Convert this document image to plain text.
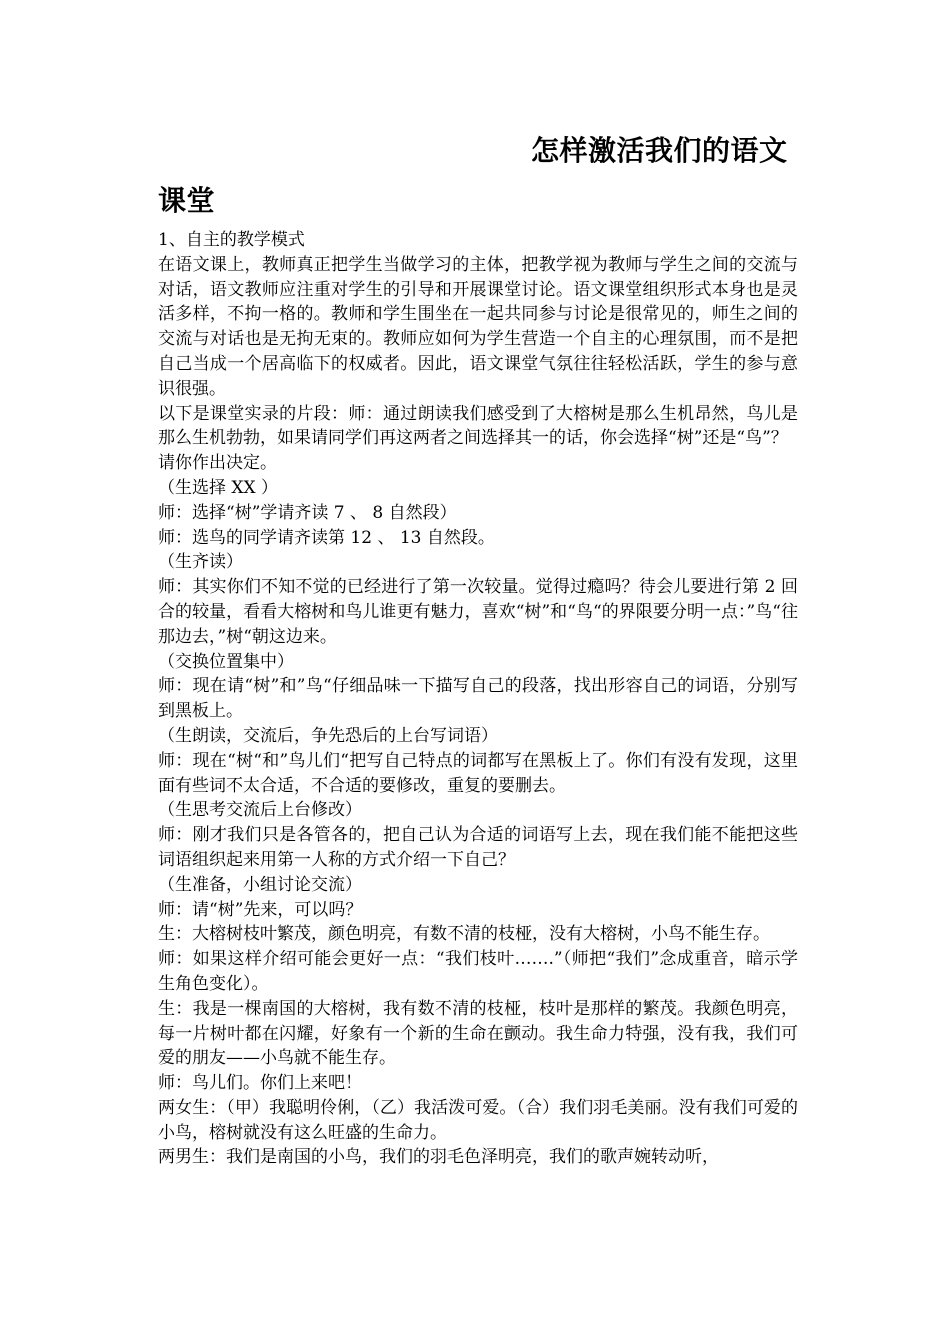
怎样激活我们的语文
课堂

1、自主的教学模式

在语文课上，教师真正把学生当做学习的主体，把教学视为教师与学生之间的交流与对话，语文教师应注重对学生的引导和开展课堂讨论。语文课堂组织形式本身也是灵活多样，不拘一格的。教师和学生围坐在一起共同参与讨论是很常见的，师生之间的交流与对话也是无拘无束的。教师应如何为学生营造一个自主的心理氛围，而不是把自己当成一个居高临下的权威者。因此，语文课堂气氛往往轻松活跃，学生的参与意识很强。

以下是课堂实录的片段：师：通过朗读我们感受到了大榕树是那么生机昂然，鸟儿是那么生机勃勃，如果请同学们再这两者之间选择其一的话，你会选择“树”还是“鸟”？

请你作出决定。

（生选择 XX ）

师：选择“树”学请齐读 7 、 8 自然段）

师：选鸟的同学请齐读第 12 、 13 自然段。

（生齐读）

师：其实你们不知不觉的已经进行了第一次较量。觉得过瘾吗？待会儿要进行第 2 回合的较量，看看大榕树和鸟儿谁更有魅力，喜欢“树”和“鸟“的界限要分明一点：”鸟“往那边去，”树“朝这边来。

（交换位置集中）

师：现在请“树”和”鸟“仔细品味一下描写自己的段落，找出形容自己的词语，分别写到黑板上。

（生朗读，交流后，争先恐后的上台写词语）

师：现在“树“和”鸟儿们“把写自己特点的词都写在黑板上了。你们有没有发现，这里面有些词不太合适，不合适的要修改，重复的要删去。

（生思考交流后上台修改）

师：刚才我们只是各管各的，把自己认为合适的词语写上去，现在我们能不能把这些词语组织起来用第一人称的方式介绍一下自己？

（生准备，小组讨论交流）

师：请“树”先来，可以吗？

生：大榕树枝叶繁茂，颜色明亮，有数不清的枝桠，没有大榕树，小鸟不能生存。

师：如果这样介绍可能会更好一点：“我们枝叶…….”（师把“我们”念成重音，暗示学生角色变化）。

生：我是一棵南国的大榕树，我有数不清的枝桠，枝叶是那样的繁茂。我颜色明亮，每一片树叶都在闪耀，好象有一个新的生命在颤动。我生命力特强，没有我，我们可爱的朋友——小鸟就不能生存。

师：鸟儿们。你们上来吧！

两女生：（甲）我聪明伶俐，（乙）我活泼可爱。（合）我们羽毛美丽。没有我们可爱的小鸟，榕树就没有这么旺盛的生命力。

两男生：我们是南国的小鸟，我们的羽毛色泽明亮，我们的歌声婉转动听，
